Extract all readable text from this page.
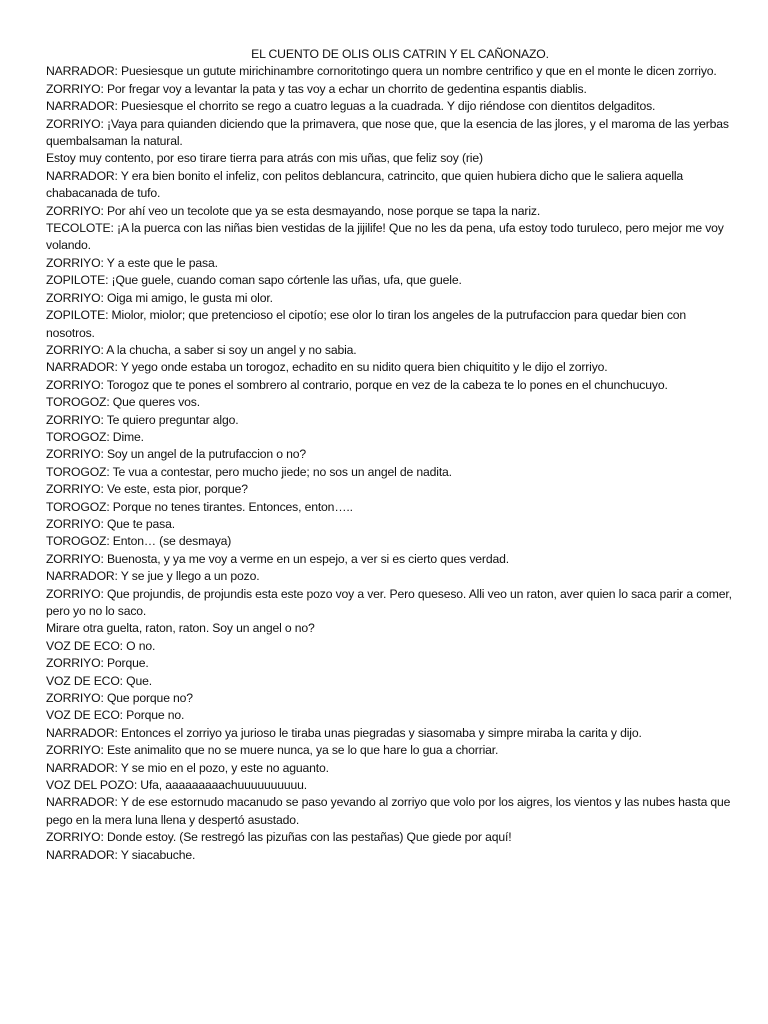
EL CUENTO DE OLIS OLIS CATRIN Y EL CAÑONAZO.

NARRADOR: Puesiesque un gutute mirichinambre cornoritotingo quera un nombre centrifico y que en el monte le dicen zorriyo.

ZORRIYO: Por fregar voy a levantar la pata y tas voy a echar un chorrito de gedentina espantis diablis.

NARRADOR: Puesiesque el chorrito se rego a cuatro leguas a la cuadrada. Y dijo riéndose con dientitos delgaditos.

ZORRIYO: ¡Vaya para quianden diciendo que la primavera, que nose que, que la esencia de las jlores, y el maroma de las yerbas quembalsaman la natural.

Estoy muy contento, por eso tirare tierra para atrás con mis uñas, que feliz soy (rie)

NARRADOR: Y era bien bonito el infeliz, con pelitos deblancura, catrincito, que quien hubiera dicho que le saliera aquella chabacanada de tufo.

ZORRIYO: Por ahí veo un tecolote que ya se esta desmayando, nose porque se tapa la nariz.

TECOLOTE: ¡A la puerca con las niñas bien vestidas de la jijilife! Que no les da pena, ufa estoy todo turuleco, pero mejor me voy volando.

ZORRIYO: Y a este que le pasa.

ZOPILOTE: ¡Que guele, cuando coman sapo córtenle las uñas, ufa, que guele.

ZORRIYO: Oiga mi amigo, le gusta mi olor.

ZOPILOTE: Miolor, miolor; que pretencioso el cipotío; ese olor lo tiran los angeles de la putrufaccion para quedar bien con nosotros.

ZORRIYO: A la chucha, a saber si soy un angel y no sabia.

NARRADOR: Y yego onde estaba un torogoz, echadito en su nidito quera bien chiquitito y le dijo el zorriyo.

ZORRIYO: Torogoz que te pones el sombrero al contrario, porque en vez de la cabeza te lo pones en el chunchucuyo.

TOROGOZ: Que queres vos.

ZORRIYO: Te quiero preguntar algo.

TOROGOZ: Dime.

ZORRIYO: Soy un angel de la putrufaccion o no?

TOROGOZ: Te vua a contestar, pero mucho jiede; no sos un angel de nadita.

ZORRIYO: Ve este, esta pior, porque?

TOROGOZ: Porque no tenes tirantes. Entonces, enton…..

ZORRIYO: Que te pasa.

TOROGOZ: Enton… (se desmaya)

ZORRIYO: Buenosta, y ya me voy a verme en un espejo, a ver si es cierto ques verdad.

NARRADOR: Y se jue y llego a un pozo.

ZORRIYO: Que projundis, de projundis esta este pozo voy a ver. Pero queseso. Alli veo un raton, aver quien lo saca parir a comer, pero yo no lo saco.

Mirare otra guelta, raton, raton. Soy un angel o no?

VOZ DE ECO: O no.

ZORRIYO: Porque.

VOZ DE ECO: Que.

ZORRIYO: Que porque no?

VOZ DE ECO: Porque no.

NARRADOR: Entonces el zorriyo ya jurioso le tiraba unas piegradas y siasomaba y simpre miraba la carita y dijo.

ZORRIYO: Este animalito que no se muere nunca, ya se lo que hare lo gua a chorriar.

NARRADOR: Y se mio en el pozo, y este no aguanto.

VOZ DEL POZO: Ufa, aaaaaaaaachuuuuuuuuuu.

NARRADOR: Y de ese estornudo macanudo se paso yevando al zorriyo que volo por los aigres, los vientos y las nubes hasta que pego en la mera luna llena y despertó asustado.

ZORRIYO: Donde estoy. (Se restregó las pizuñas con las pestañas) Que giede por aquí!

NARRADOR: Y siacabuche.
